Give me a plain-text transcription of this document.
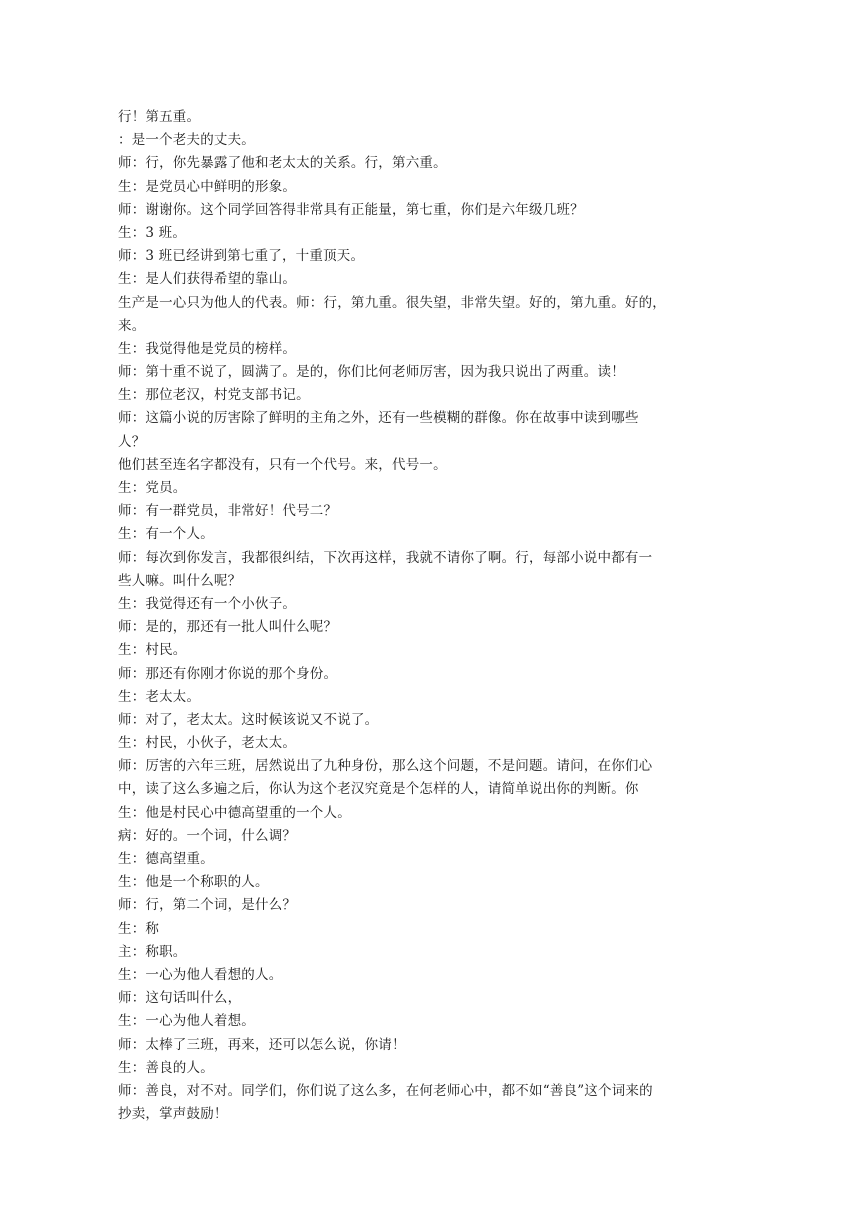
行！第五重。
：是一个老夫的丈夫。
师：行，你先暴露了他和老太太的关系。行，第六重。
生：是党员心中鲜明的形象。
师：谢谢你。这个同学回答得非常具有正能量，第七重，你们是六年级几班？
生：3 班。
师：3 班已经讲到第七重了，十重顶天。
生：是人们获得希望的靠山。
生产是一心只为他人的代表。师：行，第九重。很失望，非常失望。好的，第九重。好的，
来。
生：我觉得他是党员的榜样。
师：第十重不说了，圆满了。是的，你们比何老师厉害，因为我只说出了两重。读！
生：那位老汉，村党支部书记。
师：这篇小说的厉害除了鲜明的主角之外，还有一些模糊的群像。你在故事中读到哪些
人？
他们甚至连名字都没有，只有一个代号。来，代号一。
生：党员。
师：有一群党员，非常好！代号二？
生：有一个人。
师：每次到你发言，我都很纠结，下次再这样，我就不请你了啊。行，每部小说中都有一
些人嘛。叫什么呢？
生：我觉得还有一个小伙子。
师：是的，那还有一批人叫什么呢？
生：村民。
师：那还有你刚才你说的那个身份。
生：老太太。
师：对了，老太太。这时候该说又不说了。
生：村民，小伙子，老太太。
师：厉害的六年三班，居然说出了九种身份，那么这个问题，不是问题。请问，在你们心
中，读了这么多遍之后，你认为这个老汉究竟是个怎样的人，请简单说出你的判断。你
生：他是村民心中德高望重的一个人。
病：好的。一个词，什么调？
生：德高望重。
生：他是一个称职的人。
师：行，第二个词，是什么？
生：称
主：称职。
生：一心为他人看想的人。
师：这句话叫什么，
生：一心为他人着想。
师：太棒了三班，再来，还可以怎么说，你请！
生：善良的人。
师：善良，对不对。同学们，你们说了这么多，在何老师心中，都不如“善良”这个词来的
抄卖，掌声鼓励！
